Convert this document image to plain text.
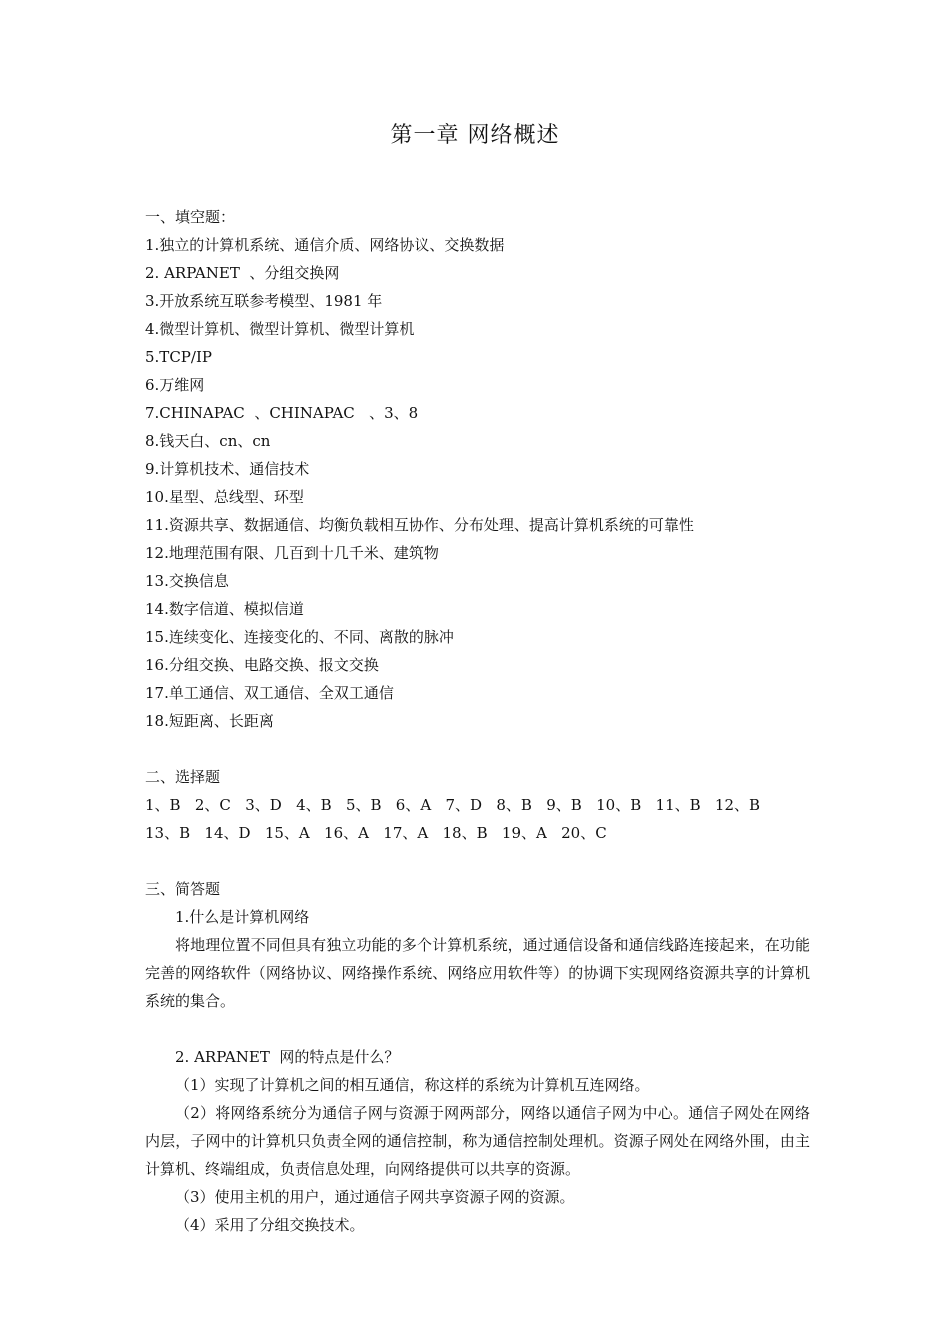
第一章 网络概述
一、填空题：
1.独立的计算机系统、通信介质、网络协议、交换数据
2. ARPANET  、分组交换网
3.开放系统互联参考模型、1981 年
4.微型计算机、微型计算机、微型计算机
5.TCP/IP
6.万维网
7.CHINAPAC  、CHINAPAC   、3、8
8.钱天白、cn、cn
9.计算机技术、通信技术
10.星型、总线型、环型
11.资源共享、数据通信、均衡负载相互协作、分布处理、提高计算机系统的可靠性
12.地理范围有限、几百到十几千米、建筑物
13.交换信息
14.数字信道、模拟信道
15.连续变化、连接变化的、不同、离散的脉冲
16.分组交换、电路交换、报文交换
17.单工通信、双工通信、全双工通信
18.短距离、长距离
二、选择题
1、B   2、C   3、D   4、B   5、B   6、A   7、D   8、B   9、B   10、B   11、B   12、B
13、B   14、D   15、A   16、A   17、A   18、B   19、A   20、C
三、简答题
1.什么是计算机网络
将地理位置不同但具有独立功能的多个计算机系统，通过通信设备和通信线路连接起来，在功能完善的网络软件（网络协议、网络操作系统、网络应用软件等）的协调下实现网络资源共享的计算机系统的集合。
2. ARPANET  网的特点是什么？
（1）实现了计算机之间的相互通信，称这样的系统为计算机互连网络。
（2）将网络系统分为通信子网与资源于网两部分，网络以通信子网为中心。通信子网处在网络内层，子网中的计算机只负责全网的通信控制，称为通信控制处理机。资源子网处在网络外围，由主计算机、终端组成，负责信息处理，向网络提供可以共享的资源。
（3）使用主机的用户，通过通信子网共享资源子网的资源。
（4）采用了分组交换技术。
